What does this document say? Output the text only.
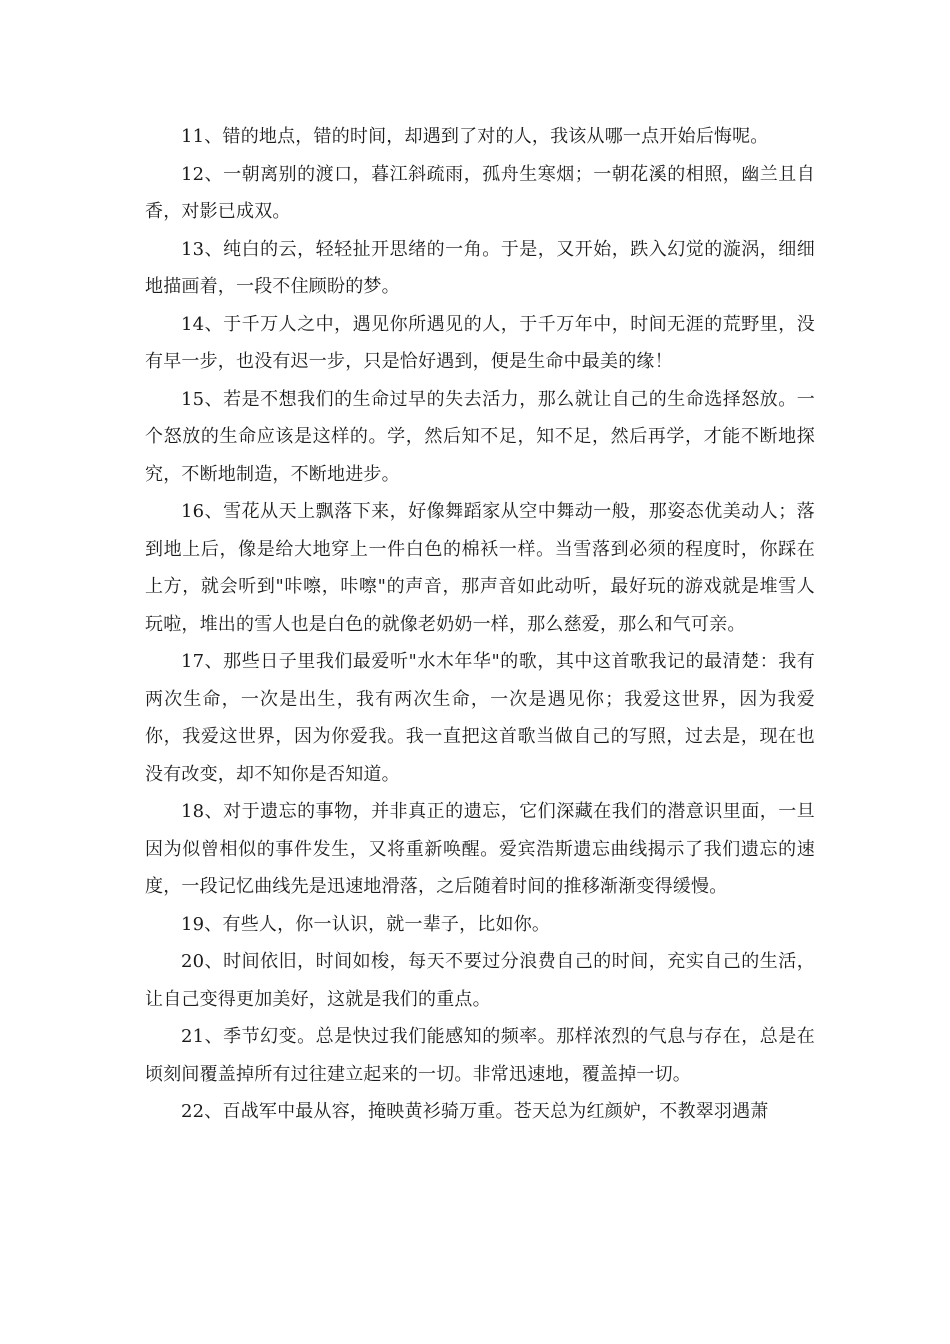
11、错的地点，错的时间，却遇到了对的人，我该从哪一点开始后悔呢。

12、一朝离别的渡口，暮江斜疏雨，孤舟生寒烟；一朝花溪的相照，幽兰且自香，对影已成双。

13、纯白的云，轻轻扯开思绪的一角。于是，又开始，跌入幻觉的漩涡，细细地描画着，一段不住顾盼的梦。

14、于千万人之中，遇见你所遇见的人，于千万年中，时间无涯的荒野里，没有早一步，也没有迟一步，只是恰好遇到，便是生命中最美的缘！

15、若是不想我们的生命过早的失去活力，那么就让自己的生命选择怒放。一个怒放的生命应该是这样的。学，然后知不足，知不足，然后再学，才能不断地探究，不断地制造，不断地进步。

16、雪花从天上飘落下来，好像舞蹈家从空中舞动一般，那姿态优美动人；落到地上后，像是给大地穿上一件白色的棉袄一样。当雪落到必须的程度时，你踩在上方，就会听到"咔嚓，咔嚓"的声音，那声音如此动听，最好玩的游戏就是堆雪人玩啦，堆出的雪人也是白色的就像老奶奶一样，那么慈爱，那么和气可亲。

17、那些日子里我们最爱听"水木年华"的歌，其中这首歌我记的最清楚：我有两次生命，一次是出生，我有两次生命，一次是遇见你；我爱这世界，因为我爱你，我爱这世界，因为你爱我。我一直把这首歌当做自己的写照，过去是，现在也没有改变，却不知你是否知道。

18、对于遗忘的事物，并非真正的遗忘，它们深藏在我们的潜意识里面，一旦因为似曾相似的事件发生，又将重新唤醒。爱宾浩斯遗忘曲线揭示了我们遗忘的速度，一段记忆曲线先是迅速地滑落，之后随着时间的推移渐渐变得缓慢。

19、有些人，你一认识，就一辈子，比如你。

20、时间依旧，时间如梭，每天不要过分浪费自己的时间，充实自己的生活，让自己变得更加美好，这就是我们的重点。

21、季节幻变。总是快过我们能感知的频率。那样浓烈的气息与存在，总是在顷刻间覆盖掉所有过往建立起来的一切。非常迅速地，覆盖掉一切。

22、百战军中最从容，掩映黄衫骑万重。苍天总为红颜妒，不教翠羽遇萧
